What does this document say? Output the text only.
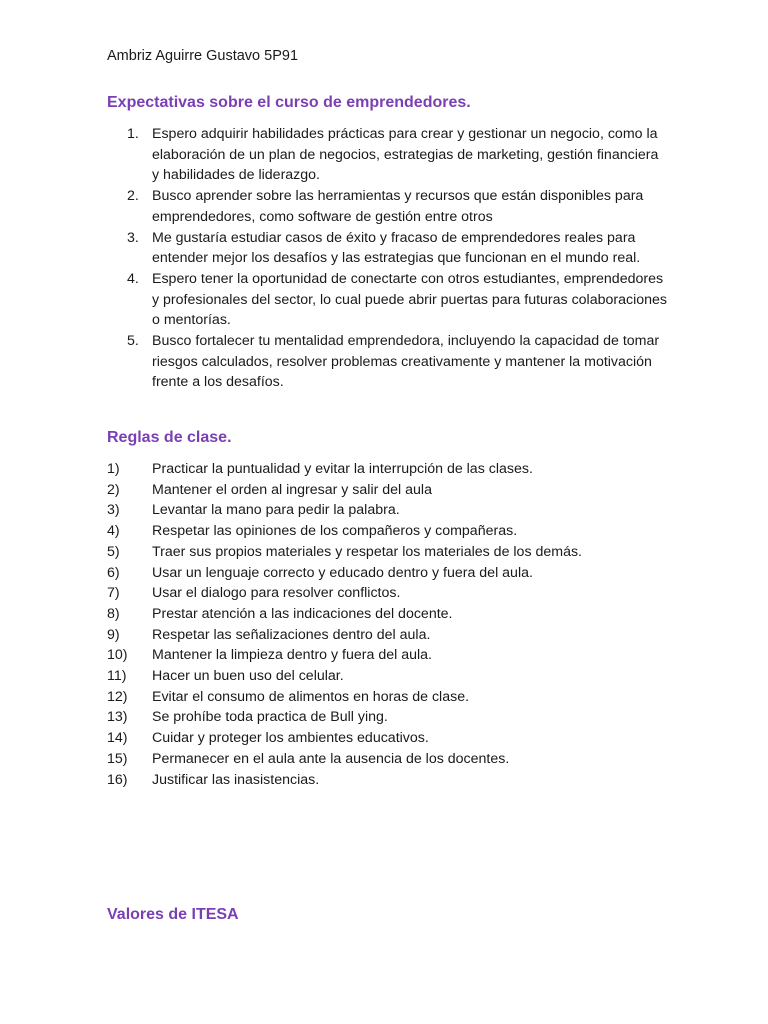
Ambriz Aguirre Gustavo 5P91
Expectativas sobre el curso de emprendedores.
1. Espero adquirir habilidades prácticas para crear y gestionar un negocio, como la elaboración de un plan de negocios, estrategias de marketing, gestión financiera y habilidades de liderazgo.
2. Busco aprender sobre las herramientas y recursos que están disponibles para emprendedores, como software de gestión entre otros
3. Me gustaría estudiar casos de éxito y fracaso de emprendedores reales para entender mejor los desafíos y las estrategias que funcionan en el mundo real.
4. Espero tener la oportunidad de conectarte con otros estudiantes, emprendedores y profesionales del sector, lo cual puede abrir puertas para futuras colaboraciones o mentorías.
5. Busco fortalecer tu mentalidad emprendedora, incluyendo la capacidad de tomar riesgos calculados, resolver problemas creativamente y mantener la motivación frente a los desafíos.
Reglas de clase.
1) Practicar la puntualidad y evitar la interrupción de las clases.
2) Mantener el orden al ingresar y salir del aula
3) Levantar la mano para pedir la palabra.
4) Respetar las opiniones de los compañeros y compañeras.
5) Traer sus propios materiales y respetar los materiales de los demás.
6) Usar un lenguaje correcto y educado dentro y fuera del aula.
7) Usar el dialogo para resolver conflictos.
8) Prestar atención a las indicaciones del docente.
9) Respetar las señalizaciones dentro del aula.
10) Mantener la limpieza dentro y fuera del aula.
11) Hacer un buen uso del celular.
12) Evitar el consumo de alimentos en horas de clase.
13) Se prohíbe toda practica de Bull ying.
14) Cuidar y proteger los ambientes educativos.
15) Permanecer en el aula ante la ausencia de los docentes.
16) Justificar las inasistencias.
Valores de ITESA
